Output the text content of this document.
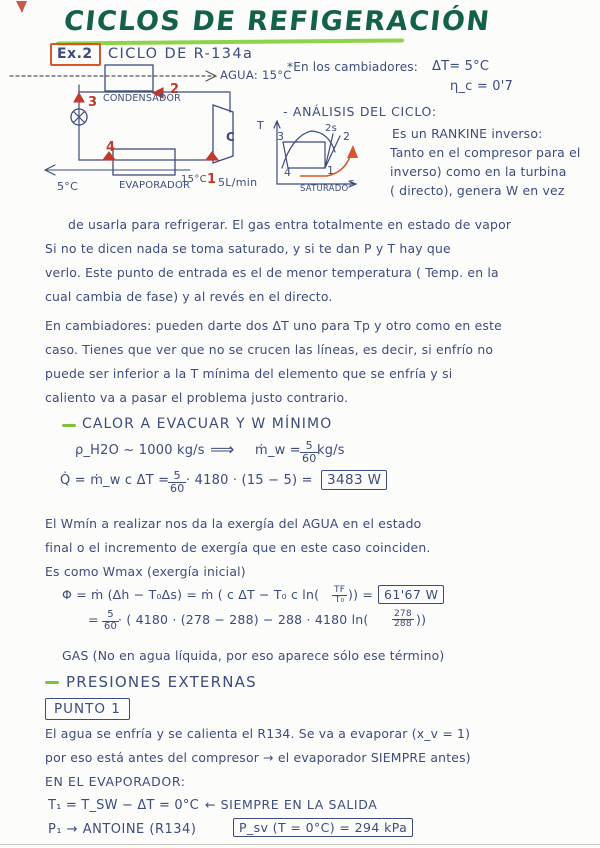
CICLOS DE REFIGERACIÓN
Ex.2	CICLO DE R-134a
*En los cambiadores: ΔT= 5°C
η_c = 0'7
AGUA: 15°C
CONDENSADOR
EVAPORADOR
C
2
3
4
1
5°C
15°C 5L/min
- ANÁLISIS DEL CICLO:
T
s
SATURADO
3	2
2s
1
4
Es un RANKINE inverso:
Tanto en el compresor para el
inverso) como en la turbina
( directo), genera W en vez
de usarla para refrigerar. El gas entra totalmente en estado de vapor
Si no te dicen nada se toma saturado, y si te dan P y T hay que
verlo. Este punto de entrada es el de menor temperatura ( Temp. en la
cual cambia de fase) y al revés en el directo.
En cambiadores: pueden darte dos ΔT uno para Tp y otro como en este
caso. Tienes que ver que no se crucen las líneas, es decir, si enfrío no
puede ser inferior a la T mínima del elemento que se enfría y si
caliento va a pasar el problema justo contrario.
CALOR A EVACUAR Y W MÍNIMO
ρ_H2O ~ 1000 kg/s ⟹ ṁ_w = $\frac{5}{60}$
kg/s
Q̇ = ṁ_w c ΔT =
$\frac{5}{60} \cdot 4180 \cdot (15 - 5)$ =	3483 W
El Wmín a realizar nos da la exergía del AGUA en el estado
final o el incremento de exergía que en este caso coinciden.
Es como Wmax (exergía inicial)
Φ = ṁ (Δh − T₀Δs) = ṁ ( c ΔT − T₀ c $\ln( \frac{TF}{\text{T₀}}$ )) = 61'67 W
= $\frac{5}{60}$
· ( 4180 · (278 − 288) − 288 · 4180 ln(	$\frac{278}{288}$ ))
GAS (No en agua líquida, por eso aparece sólo ese término)
PRESIONES EXTERNAS
PUNTO 1
El agua se enfría y se calienta el R134. Se va a evaporar (x_v = 1)
por eso está antes del compresor → el evaporador SIEMPRE antes)
EN EL EVAPORADOR:
T₁ = T_SW − ΔT = 0°C ← SIEMPRE EN LA SALIDA
P₁ → ANTOINE (R134)	P_sv (T = 0°C) = 294 kPa
